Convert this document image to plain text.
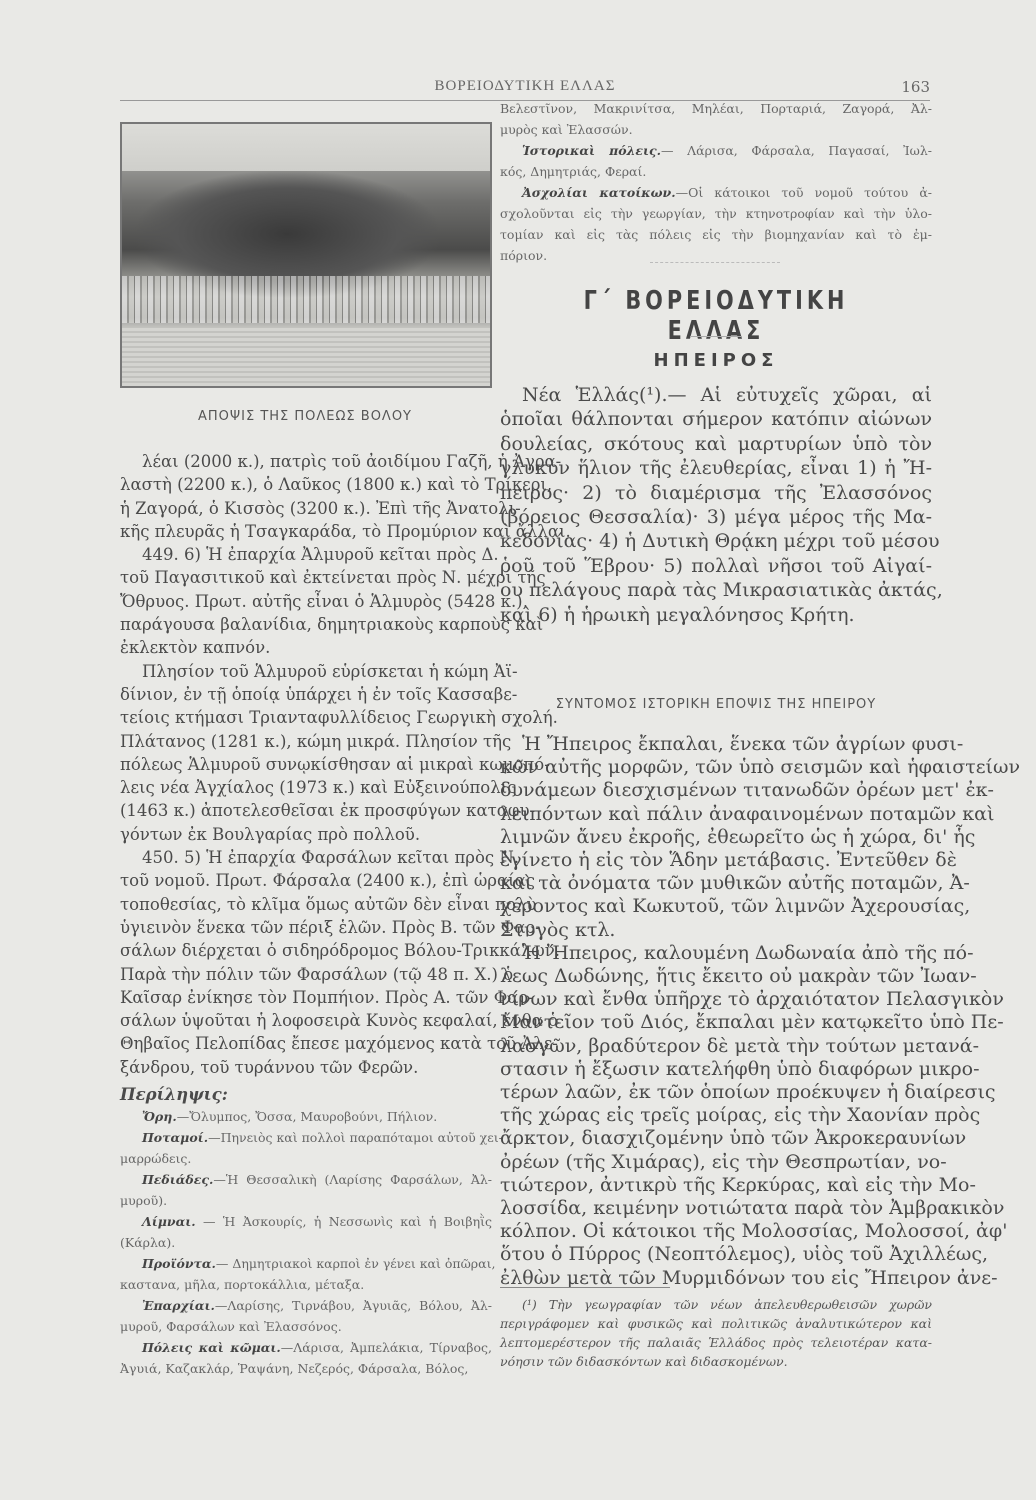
ΒΟΡΕΙΟΔΥΤΙΚΗ ΕΛΛΑΣ	163
ΑΠΟΨΙΣ ΤΗΣ ΠΟΛΕΩΣ ΒΟΛΟΥ
λέαι (2000 κ.), πατρὶς τοῦ ἀοιδίμου Γαζῆ, ἡ Ἀγρα-
λαστὴ (2200 κ.), ὁ Λαῦκος (1800 κ.) καὶ τὸ Τρίκερι,
ἡ Ζαγορά, ὁ Κισσὸς (3200 κ.). Ἐπὶ τῆς Ἀνατολι-
κῆς πλευρᾶς ἡ Τσαγκαράδα, τὸ Προμύριον καὶ ἄλλαι.
449. 6) Ἡ ἐπαρχία Ἀλμυροῦ κεῖται πρὸς Δ.
τοῦ Παγασιτικοῦ καὶ ἐκτείνεται πρὸς Ν. μέχρι τῆς
Ὄθρυος. Πρωτ. αὐτῆς εἶναι ὁ Ἁλμυρὸς (5428 κ.),
παράγουσα βαλανίδια, δημητριακοὺς καρποὺς καὶ
ἐκλεκτὸν καπνόν.
Πλησίον τοῦ Ἁλμυροῦ εὑρίσκεται ἡ κώμη Ἀϊ-
δίνιον, ἐν τῇ ὁποίᾳ ὑπάρχει ἡ ἐν τοῖς Κασσαβε-
τείοις κτήμασι Τριανταφυλλίδειος Γεωργικὴ σχολή.
Πλάτανος (1281 κ.), κώμη μικρά. Πλησίον τῆς
πόλεως Ἁλμυροῦ συνῳκίσθησαν αἱ μικραὶ κωμοπό-
λεις νέα Ἀγχίαλος (1973 κ.) καὶ Εὐξεινούπολις
(1463 κ.) ἀποτελεσθεῖσαι ἐκ προσφύγων καταφυ-
γόντων ἐκ Βουλγαρίας πρὸ πολλοῦ.
450. 5) Ἡ ἐπαρχία Φαρσάλων κεῖται πρὸς Ν.
τοῦ νομοῦ. Πρωτ. Φάρσαλα (2400 κ.), ἐπὶ ὡραίας
τοποθεσίας, τὸ κλῖμα ὅμως αὐτῶν δὲν εἶναι πολὺ
ὑγιεινὸν ἕνεκα τῶν πέριξ ἑλῶν. Πρὸς Β. τῶν Φαρ-
σάλων διέρχεται ὁ σιδηρόδρομος Βόλου-Τρικκάλων.
Παρὰ τὴν πόλιν τῶν Φαρσάλων (τῷ 48 π. Χ.) ὁ
Καῖσαρ ἐνίκησε τὸν Πομπήιον. Πρὸς Α. τῶν Φαρ-
σάλων ὑψοῦται ἡ λοφοσειρὰ Κυνὸς κεφαλαί, ἔνθα ὁ
Θηβαῖος Πελοπίδας ἔπεσε μαχόμενος κατὰ τοῦ Ἀλε-
ξάνδρου, τοῦ τυράννου τῶν Φερῶν.
Περίληψις:
Ὄρη.—Ὄλυμπος, Ὄσσα, Μαυροβούνι, Πήλιον.
Ποταμοί.—Πηνειὸς καὶ πολλοὶ παραπόταμοι αὐτοῦ χει-
μαρρώδεις.
Πεδιάδες.—Ἡ Θεσσαλικὴ (Λαρίσης Φαρσάλων, Ἀλ-
μυροῦ).
Λίμναι. — Ἡ Ἀσκουρίς, ἡ Νεσσωνὶς καὶ ἡ Βοιβηῒς
(Κάρλα).
Προϊόντα.— Δημητριακοὶ καρποὶ ἐν γένει καὶ ὀπῶραι,
καστανα, μῆλα, πορτοκάλλια, μέταξα.
Ἐπαρχίαι.—Λαρίσης, Τιρνάβου, Ἀγυιᾶς, Βόλου, Ἀλ-
μυροῦ, Φαρσάλων καὶ Ἐλασσόνος.
Πόλεις καὶ κῶμαι.—Λάρισα, Ἀμπελάκια, Τίρναβος,
Ἀγυιά, Καζακλάρ, Ῥαψάνη, Νεζερός, Φάρσαλα, Βόλος,
Βελεστῖνον, Μακρινίτσα, Μηλέαι, Πορταριά, Ζαγορά, Ἀλ-
μυρὸς καὶ Ἐλασσών.
Ἱστορικαὶ πόλεις.— Λάρισα, Φάρσαλα, Παγασαί, Ἰωλ-
κός, Δημητριάς, Φεραί.
Ἀσχολίαι κατοίκων.—Οἱ κάτοικοι τοῦ νομοῦ τούτου ἀ-
σχολοῦνται εἰς τὴν γεωργίαν, τὴν κτηνοτροφίαν καὶ τὴν ὑλο-
τομίαν καὶ εἰς τὰς πόλεις εἰς τὴν βιομηχανίαν καὶ τὸ ἐμ-
πόριον.
Γ΄ ΒΟΡΕΙΟΔΥΤΙΚΗ ΕΛΛΑΣ
ΗΠΕΙΡΟΣ
Νέα Ἑλλάς(¹).— Αἱ εὐτυχεῖς χῶραι, αἱ
ὁποῖαι θάλπονται σήμερον κατόπιν αἰώνων
δουλείας, σκότους καὶ μαρτυρίων ὑπὸ τὸν
γλυκὺν ἥλιον τῆς ἐλευθερίας, εἶναι 1) ἡ Ἤ-
πειρος· 2) τὸ διαμέρισμα τῆς Ἐλασσόνος
(βόρειος Θεσσαλία)· 3) μέγα μέρος τῆς Μα-
κεδονίας· 4) ἡ Δυτικὴ Θρᾴκη μέχρι τοῦ μέσου
ῥοῦ τοῦ Ἕβρου· 5) πολλαὶ νῆσοι τοῦ Αἰγαί-
ου πελάγους παρὰ τὰς Μικρασιατικὰς ἀκτάς,
καὶ 6) ἡ ἡρωικὴ μεγαλόνησος Κρήτη.
ΣΥΝΤΟΜΟΣ ΙΣΤΟΡΙΚΗ ΕΠΟΨΙΣ ΤΗΣ ΗΠΕΙΡΟΥ
Ἡ Ἤπειρος ἔκπαλαι, ἕνεκα τῶν ἀγρίων φυσι-
κῶν αὐτῆς μορφῶν, τῶν ὑπὸ σεισμῶν καὶ ἡφαιστείων
δυνάμεων διεσχισμένων τιτανωδῶν ὀρέων μετ' ἐκ-
λειπόντων καὶ πάλιν ἀναφαινομένων ποταμῶν καὶ
λιμνῶν ἄνευ ἐκροῆς, ἐθεωρεῖτο ὡς ἡ χώρα, δι' ἧς
ἐγίνετο ἡ εἰς τὸν Ἅδην μετάβασις. Ἐντεῦθεν δὲ
καὶ τὰ ὀνόματα τῶν μυθικῶν αὐτῆς ποταμῶν, Ἀ-
χέροντος καὶ Κωκυτοῦ, τῶν λιμνῶν Ἀχερουσίας,
Στυγὸς κτλ.
Ἡ Ἤπειρος, καλουμένη Δωδωναία ἀπὸ τῆς πό-
λεως Δωδώνης, ἥτις ἔκειτο οὐ μακρὰν τῶν Ἰωαν-
νίνων καὶ ἔνθα ὑπῆρχε τὸ ἀρχαιότατον Πελασγικὸν
Μαντεῖον τοῦ Διός, ἔκπαλαι μὲν κατῳκεῖτο ὑπὸ Πε-
λασγῶν, βραδύτερον δὲ μετὰ τὴν τούτων μετανά-
στασιν ἡ ἔξωσιν κατελήφθη ὑπὸ διαφόρων μικρο-
τέρων λαῶν, ἐκ τῶν ὁποίων προέκυψεν ἡ διαίρεσις
τῆς χώρας εἰς τρεῖς μοίρας, εἰς τὴν Χαονίαν πρὸς
ἄρκτον, διασχιζομένην ὑπὸ τῶν Ἀκροκεραυνίων
ὀρέων (τῆς Χιμάρας), εἰς τὴν Θεσπρωτίαν, νο-
τιώτερον, ἀντικρὺ τῆς Κερκύρας, καὶ εἰς τὴν Μο-
λοσσίδα, κειμένην νοτιώτατα παρὰ τὸν Ἀμβρακικὸν
κόλπον. Οἱ κάτοικοι τῆς Μολοσσίας, Μολοσσοί, ἀφ'
ὅτου ὁ Πύρρος (Νεοπτόλεμος), υἱὸς τοῦ Ἀχιλλέως,
ἐλθὼν μετὰ τῶν Μυρμιδόνων του εἰς Ἤπειρον ἀνε-
(¹) Τὴν γεωγραφίαν τῶν νέων ἀπελευθερωθεισῶν χωρῶν
περιγράφομεν καὶ φυσικῶς καὶ πολιτικῶς ἀναλυτικώτερον καὶ
λεπτομερέστερον τῆς παλαιᾶς Ἑλλάδος πρὸς τελειοτέραν κατα-
νόησιν τῶν διδασκόντων καὶ διδασκομένων.
